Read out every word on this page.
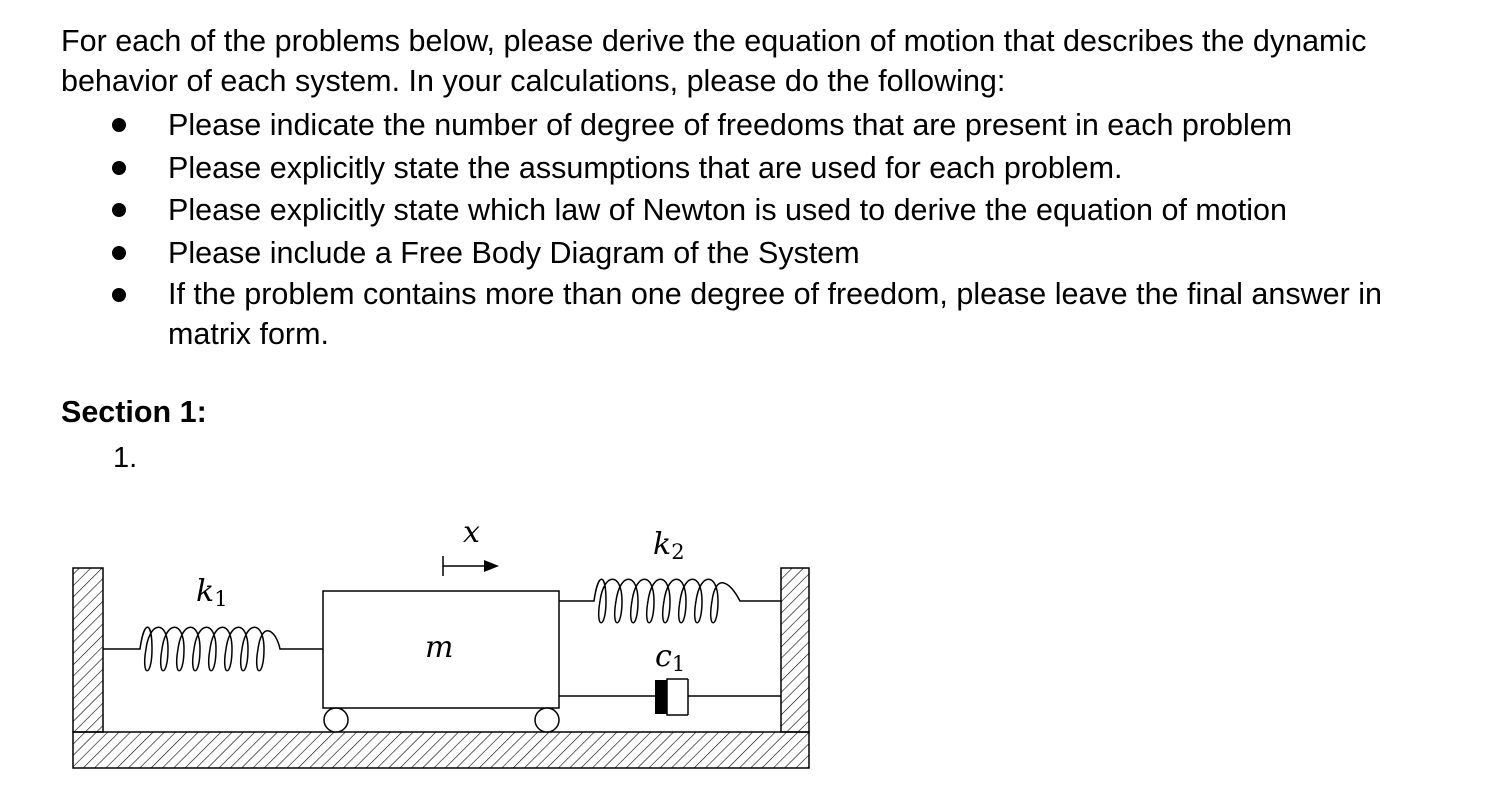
For each of the problems below, please derive the equation of motion that describes the dynamic behavior of each system. In your calculations, please do the following:

Please indicate the number of degree of freedoms that are present in each problem
Please explicitly state the assumptions that are used for each problem.
Please explicitly state which law of Newton is used to derive the equation of motion
Please include a Free Body Diagram of the System
If the problem contains more than one degree of freedom, please leave the final answer in matrix form.
Section 1:
1.
k1
x
m
k2
c1
